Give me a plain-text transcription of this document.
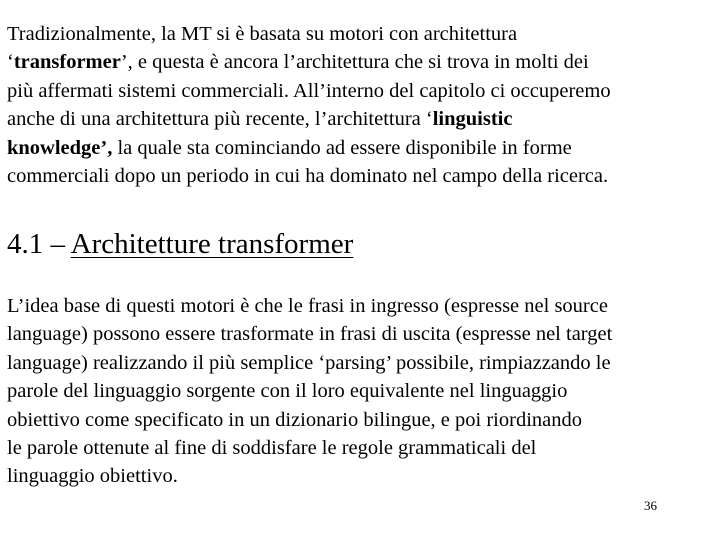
Tradizionalmente, la MT si è basata su motori con architettura
‘transformer’, e questa è ancora l’architettura che si trova in molti dei
più affermati sistemi commerciali. All’interno del capitolo ci occuperemo
anche di una architettura più recente, l’architettura ‘linguistic
knowledge’, la quale sta cominciando ad essere disponibile in forme
commerciali dopo un periodo in cui ha dominato nel campo della ricerca.

4.1 – Architetture transformer

L’idea base di questi motori è che le frasi in ingresso (espresse nel source
language) possono essere trasformate in frasi di uscita (espresse nel target
language) realizzando il più semplice ‘parsing’ possibile, rimpiazzando le
parole del linguaggio sorgente con il loro equivalente nel linguaggio
obiettivo come specificato in un dizionario bilingue, e poi riordinando
le parole ottenute al fine di soddisfare le regole grammaticali del
linguaggio obiettivo.

36
